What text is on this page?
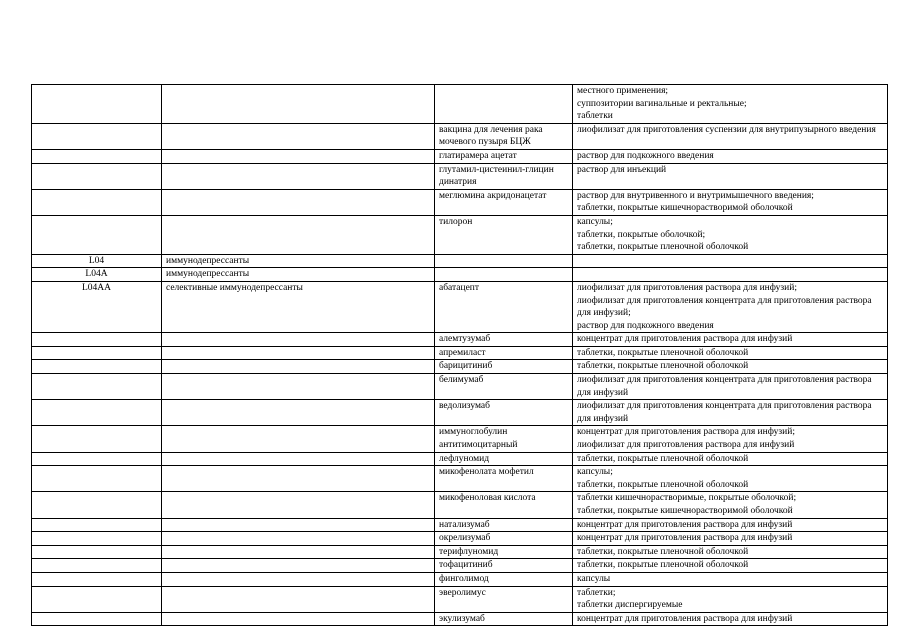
			местного применения;
суппозитории вагинальные и ректальные;
таблетки

		вакцина для лечения рака мочевого пузыря БЦЖ	лиофилизат для приготовления суспензии для внутрипузырного введения

		глатирамера ацетат	раствор для подкожного введения

		глутамил-цистеинил-глицин динатрия	раствор для инъекций

		меглюмина акридонацетат	раствор для внутривенного и внутримышечного введения;
таблетки, покрытые кишечнорастворимой оболочкой

		тилорон	капсулы;
таблетки, покрытые оболочкой;
таблетки, покрытые пленочной оболочкой

L04	иммунодепрессанты		

L04A	иммунодепрессанты		

L04AA	селективные иммунодепрессанты	абатацепт	лиофилизат для приготовления раствора для инфузий;
лиофилизат для приготовления концентрата для приготовления раствора для инфузий;
раствор для подкожного введения

		алемтузумаб	концентрат для приготовления раствора для инфузий

		апремиласт	таблетки, покрытые пленочной оболочкой

		барицитиниб	таблетки, покрытые пленочной оболочкой

		белимумаб	лиофилизат для приготовления концентрата для приготовления раствора для инфузий

		ведолизумаб	лиофилизат для приготовления концентрата для приготовления раствора для инфузий

		иммуноглобулин антитимоцитарный	концентрат для приготовления раствора для инфузий;
лиофилизат для приготовления раствора для инфузий

		лефлуномид	таблетки, покрытые пленочной оболочкой

		микофенолата мофетил	капсулы;
таблетки, покрытые пленочной оболочкой

		микофеноловая кислота	таблетки кишечнорастворимые, покрытые оболочкой;
таблетки, покрытые кишечнорастворимой оболочкой

		натализумаб	концентрат для приготовления раствора для инфузий

		окрелизумаб	концентрат для приготовления раствора для инфузий

		терифлуномид	таблетки, покрытые пленочной оболочкой

		тофацитиниб	таблетки, покрытые пленочной оболочкой

		финголимод	капсулы

		эверолимус	таблетки;
таблетки диспергируемые

		экулизумаб	концентрат для приготовления раствора для инфузий
